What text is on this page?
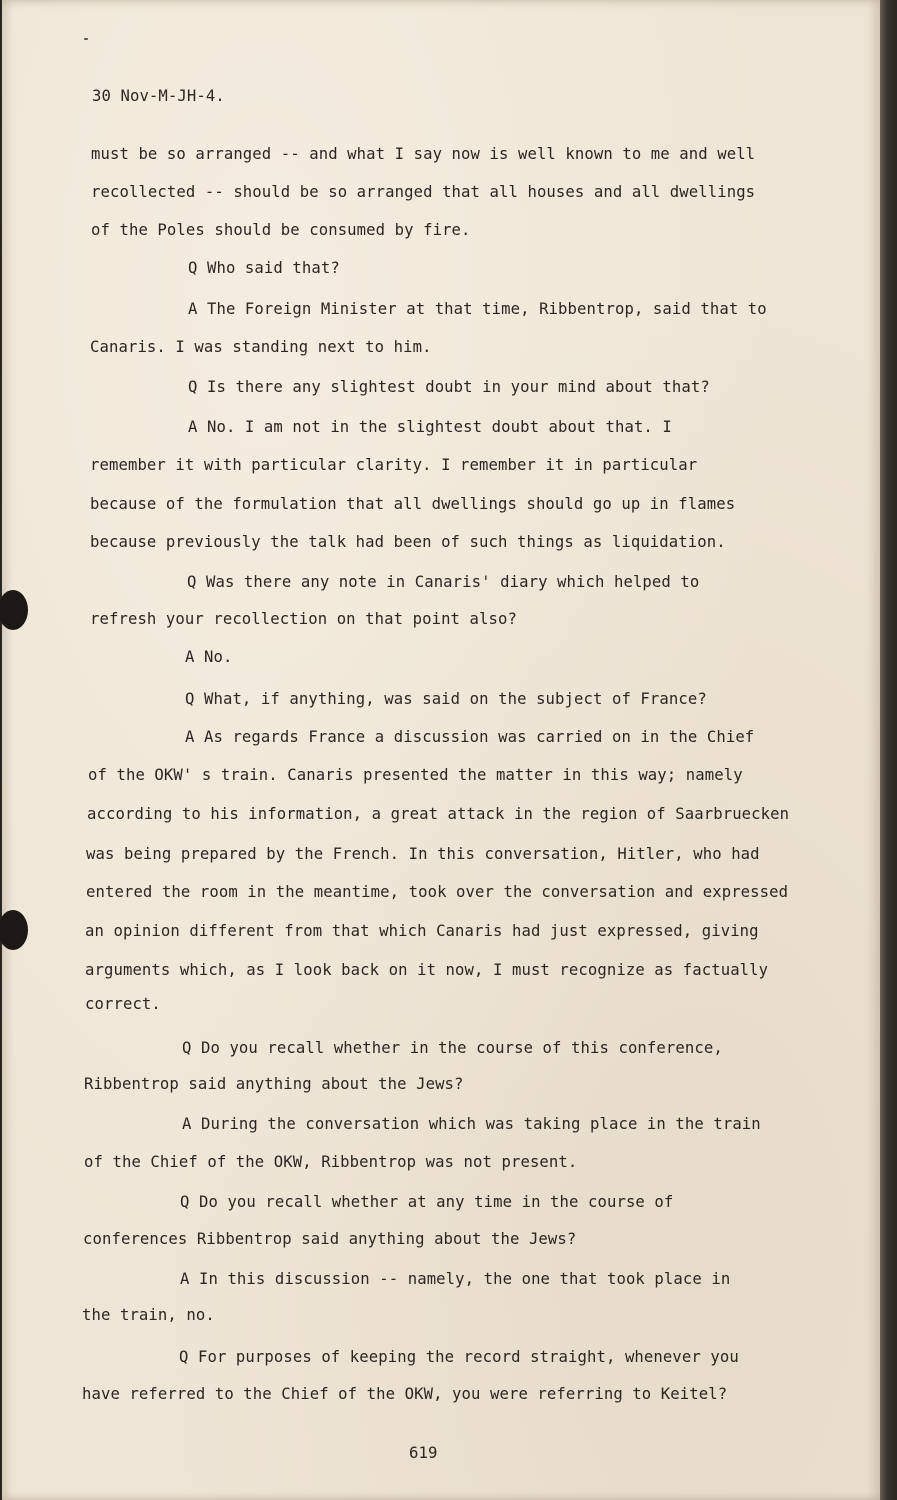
30 Nov-M-JH-4.
must be so arranged -- and what I say now is well known to me and well
recollected -- should be so arranged that all houses and all dwellings
of the Poles should be consumed by fire.
Q Who said that?
A The Foreign Minister at that time, Ribbentrop, said that to
Canaris. I was standing next to him.
Q Is there any slightest doubt in your mind about that?
A No. I am not in the slightest doubt about that. I
remember it with particular clarity. I remember it in particular
because of the formulation that all dwellings should go up in flames
because previously the talk had been of such things as liquidation.
Q Was there any note in Canaris' diary which helped to
refresh your recollection on that point also?
A No.
Q What, if anything, was said on the subject of France?
A As regards France a discussion was carried on in the Chief
of the OKW' s train. Canaris presented the matter in this way; namely
according to his information, a great attack in the region of Saarbruecken
was being prepared by the French. In this conversation, Hitler, who had
entered the room in the meantime, took over the conversation and expressed
an opinion different from that which Canaris had just expressed, giving
arguments which, as I look back on it now, I must recognize as factually
correct.
Q Do you recall whether in the course of this conference,
Ribbentrop said anything about the Jews?
A During the conversation which was taking place in the train
of the Chief of the OKW, Ribbentrop was not present.
Q Do you recall whether at any time in the course of
conferences Ribbentrop said anything about the Jews?
A In this discussion -- namely, the one that took place in
the train, no.
Q For purposes of keeping the record straight, whenever you
have referred to the Chief of the OKW, you were referring to Keitel?
619
